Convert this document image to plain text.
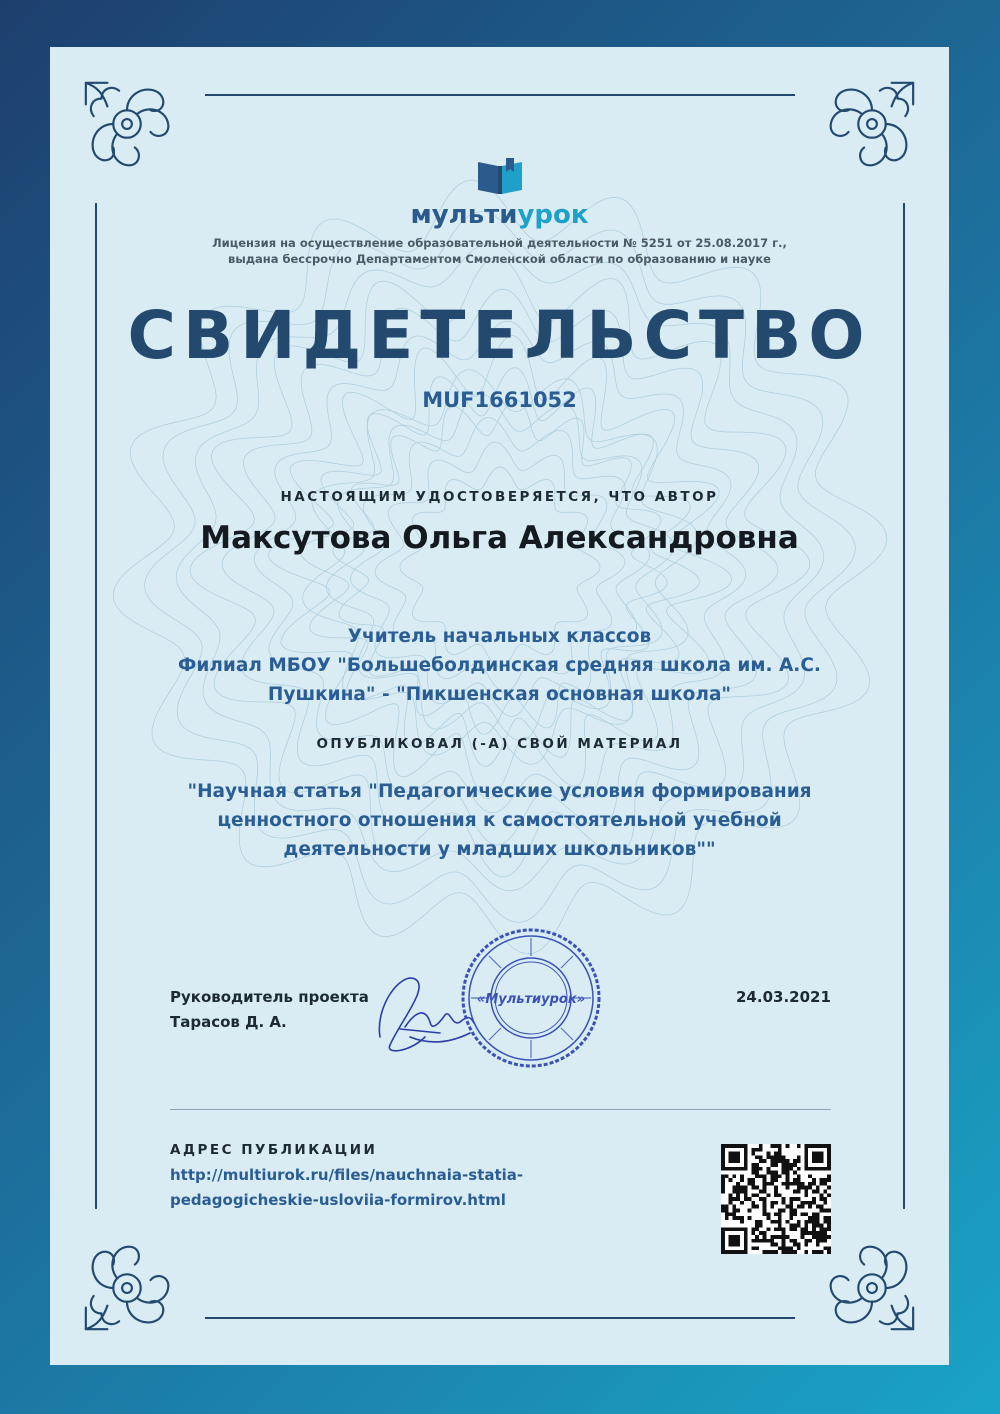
мультиурок

Лицензия на осуществление образовательной деятельности № 5251 от 25.08.2017 г.,

выдана бессрочно Департаментом Смоленской области по образованию и науке

СВИДЕТЕЛЬСТВО

MUF1661052

НАСТОЯЩИМ УДОСТОВЕРЯЕТСЯ, ЧТО АВТОР

Максутова Ольга Александровна

Учитель начальных классов

Филиал МБОУ "Большеболдинская средняя школа им. А.С.

Пушкина" - "Пикшенская основная школа"

ОПУБЛИКОВАЛ (-А) СВОЙ МАТЕРИАЛ

"Научная статья "Педагогические условия формирования

ценностного отношения к самостоятельной учебной

деятельности у младших школьников""

Руководитель проекта
Тарасов Д. А.
24.03.2021
«Мультиурок»
АДРЕС ПУБЛИКАЦИИ
http://multiurok.ru/files/nauchnaia-statia-
pedagogicheskie-usloviia-formirov.html
